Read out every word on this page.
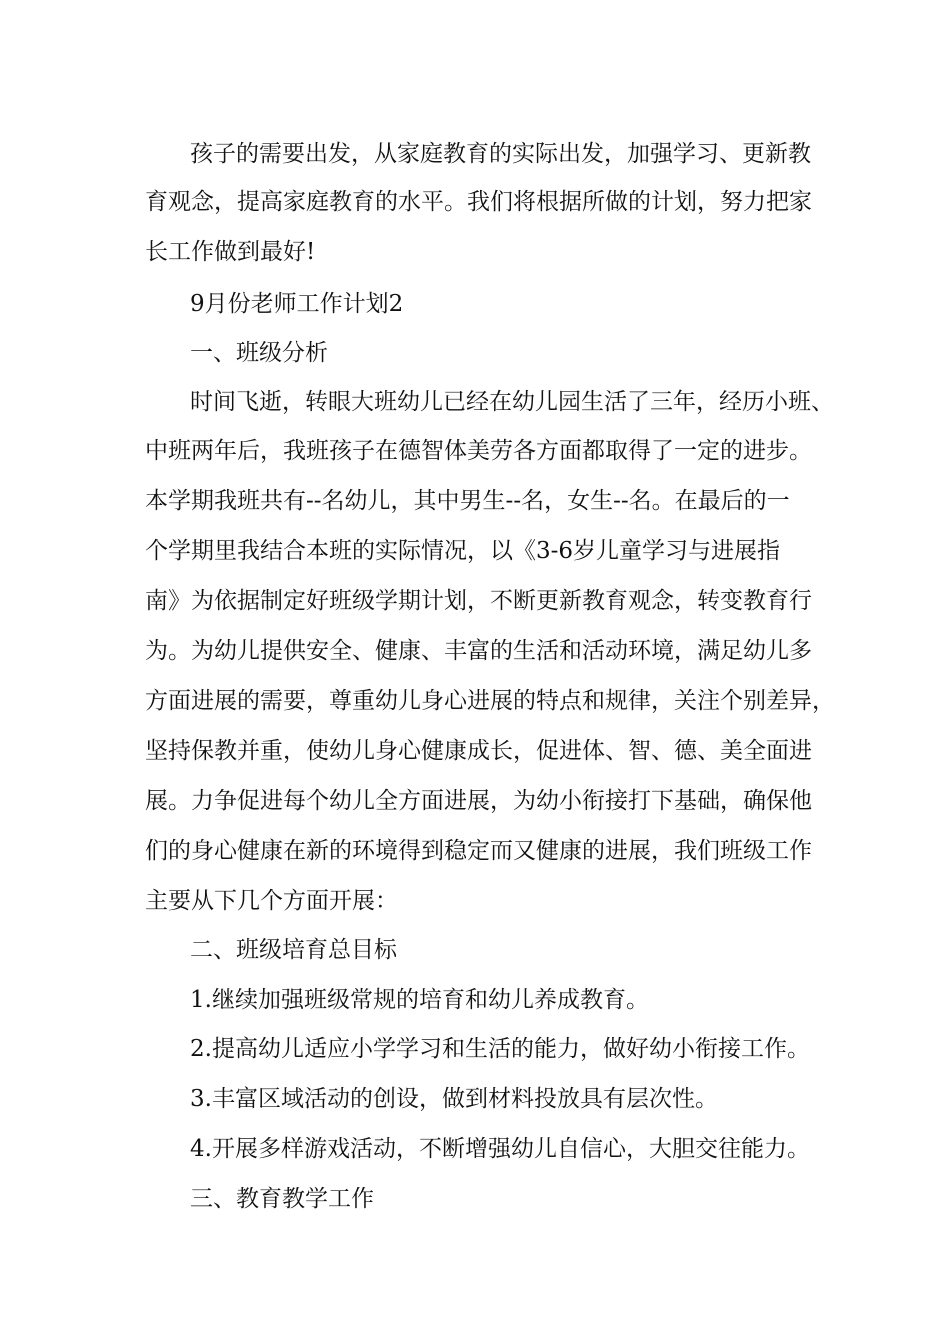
孩子的需要出发，从家庭教育的实际出发，加强学习、更新教
育观念，提高家庭教育的水平。我们将根据所做的计划，努力把家
长工作做到最好!
9月份老师工作计划2
一、班级分析
时间飞逝，转眼大班幼儿已经在幼儿园生活了三年，经历小班、
中班两年后，我班孩子在德智体美劳各方面都取得了一定的进步。
本学期我班共有--名幼儿，其中男生--名，女生--名。在最后的一
个学期里我结合本班的实际情况，以《3-6岁儿童学习与进展指
南》为依据制定好班级学期计划，不断更新教育观念，转变教育行
为。为幼儿提供安全、健康、丰富的生活和活动环境，满足幼儿多
方面进展的需要，尊重幼儿身心进展的特点和规律，关注个别差异，
坚持保教并重，使幼儿身心健康成长，促进体、智、德、美全面进
展。力争促进每个幼儿全方面进展，为幼小衔接打下基础，确保他
们的身心健康在新的环境得到稳定而又健康的进展，我们班级工作
主要从下几个方面开展：
二、班级培育总目标
1.继续加强班级常规的培育和幼儿养成教育。
2.提高幼儿适应小学学习和生活的能力，做好幼小衔接工作。
3.丰富区域活动的创设，做到材料投放具有层次性。
4.开展多样游戏活动，不断增强幼儿自信心，大胆交往能力。
三、教育教学工作
